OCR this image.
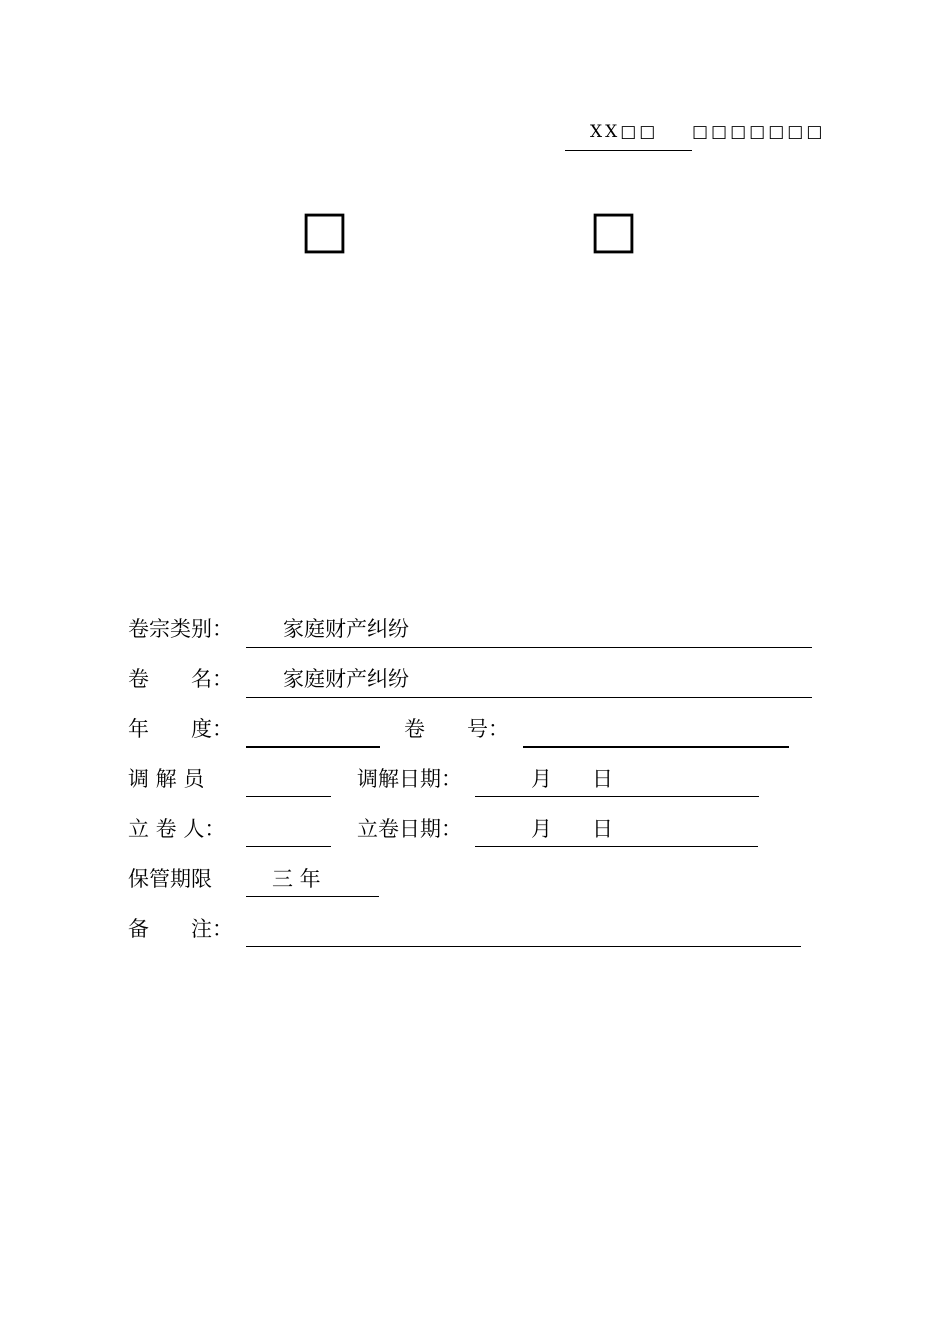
XX□□ □□□□□□□
□	□
卷宗类别： 家庭财产纠纷
卷　　名： 家庭财产纠纷
年　　度：	卷　　号：
调 解 员	调解日期：	月 日
立 卷 人：	立卷日期：	月 日
保管期限	三 年
备　　注：
